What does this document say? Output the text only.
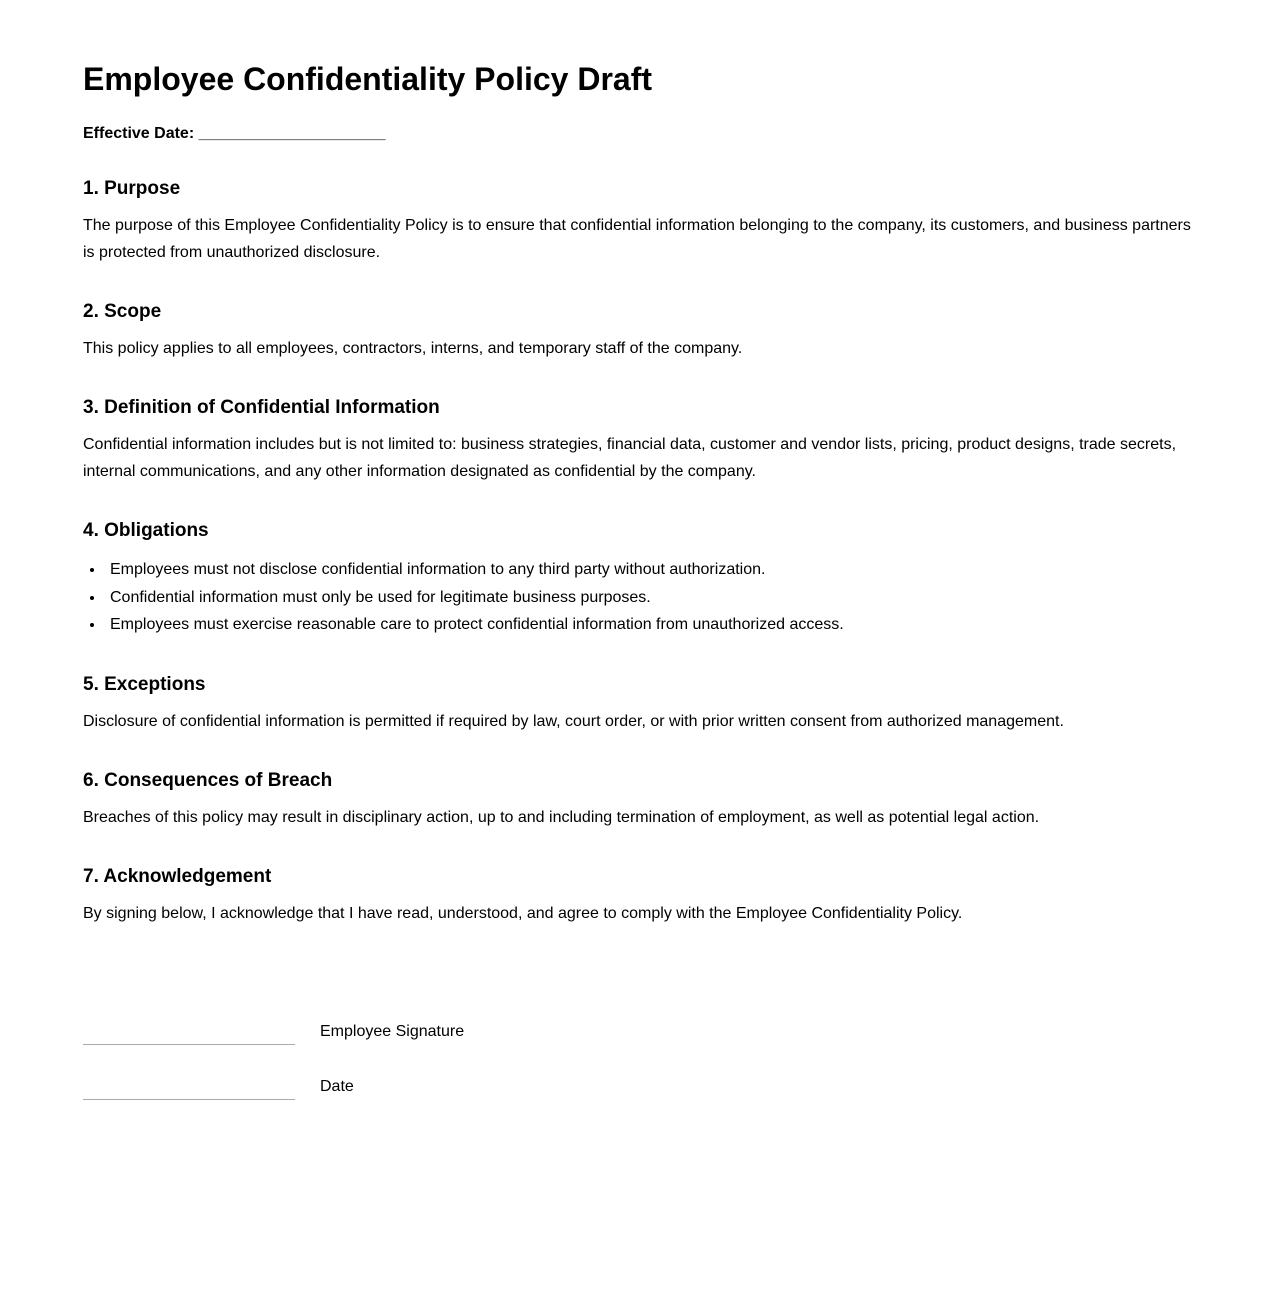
Employee Confidentiality Policy Draft
Effective Date: _____________________
1. Purpose

The purpose of this Employee Confidentiality Policy is to ensure that confidential information belonging to the company, its customers, and business partners is protected from unauthorized disclosure.

2. Scope

This policy applies to all employees, contractors, interns, and temporary staff of the company.

3. Definition of Confidential Information

Confidential information includes but is not limited to: business strategies, financial data, customer and vendor lists, pricing, product designs, trade secrets, internal communications, and any other information designated as confidential by the company.

4. Obligations
• Employees must not disclose confidential information to any third party without authorization.
• Confidential information must only be used for legitimate business purposes.
• Employees must exercise reasonable care to protect confidential information from unauthorized access.
5. Exceptions

Disclosure of confidential information is permitted if required by law, court order, or with prior written consent from authorized management.

6. Consequences of Breach

Breaches of this policy may result in disciplinary action, up to and including termination of employment, as well as potential legal action.

7. Acknowledgement

By signing below, I acknowledge that I have read, understood, and agree to comply with the Employee Confidentiality Policy.

Employee Signature
Date
